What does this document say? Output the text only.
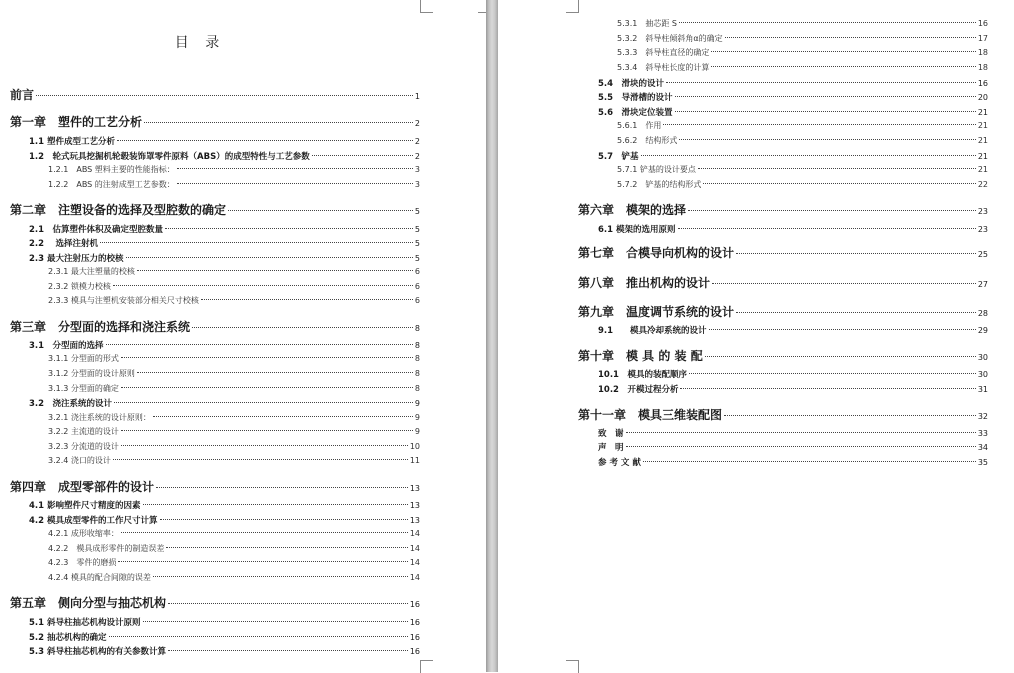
目 录
前言	1
第一章　塑件的工艺分析	2
1.1 塑件成型工艺分析	2
1.2　轮式玩具挖掘机轮毂装饰罩零件原料（ABS）的成型特性与工艺参数	2
1.2.1　ABS 塑料主要的性能指标：	3
1.2.2　ABS 的注射成型工艺参数：	3
第二章　注塑设备的选择及型腔数的确定	5
2.1　估算塑件体积及确定型腔数量	5
2.2　 选择注射机	5
2.3 最大注射压力的校核	5
2.3.1 最大注塑量的校核	6
2.3.2 锁模力校核	6
2.3.3 模具与注塑机安装部分相关尺寸校核	6
第三章　分型面的选择和浇注系统	8
3.1　分型面的选择	8
3.1.1 分型面的形式	8
3.1.2 分型面的设计原则	8
3.1.3 分型面的确定	8
3.2　浇注系统的设计	9
3.2.1 浇注系统的设计原则：	9
3.2.2 主流道的设计	9
3.2.3 分流道的设计	10
3.2.4 浇口的设计	11
第四章　成型零部件的设计	13
4.1 影响塑件尺寸精度的因素	13
4.2 模具成型零件的工作尺寸计算	13
4.2.1 成形收缩率：	14
4.2.2　模具成形零件的制造误差	14
4.2.3　零件的磨损	14
4.2.4 模具的配合间隙的误差	14
第五章　侧向分型与抽芯机构	16
5.1 斜导柱抽芯机构设计原则	16
5.2 抽芯机构的确定	16
5.3 斜导柱抽芯机构的有关参数计算	16
5.3.1　抽芯距 S	16
5.3.2　斜导柱倾斜角α的确定	17
5.3.3　斜导柱直径的确定	18
5.3.4　斜导柱长度的计算	18
5.4　滑块的设计	16
5.5　导滑槽的设计	20
5.6　滑块定位装置	21
5.6.1　作用	21
5.6.2　结构形式	21
5.7　铲基	21
5.7.1 铲基的设计要点	21
5.7.2　铲基的结构形式	22
第六章　模架的选择	23
6.1 模架的选用原则	23
第七章　合模导向机构的设计	25
第八章　推出机构的设计	27
第九章　温度调节系统的设计	28
9.1　　模具冷却系统的设计	29
第十章　模 具 的 装 配	30
10.1　模具的装配顺序	30
10.2　开模过程分析	31
第十一章　模具三维装配图	32
致　谢	33
声　明	34
参 考 文 献	35
